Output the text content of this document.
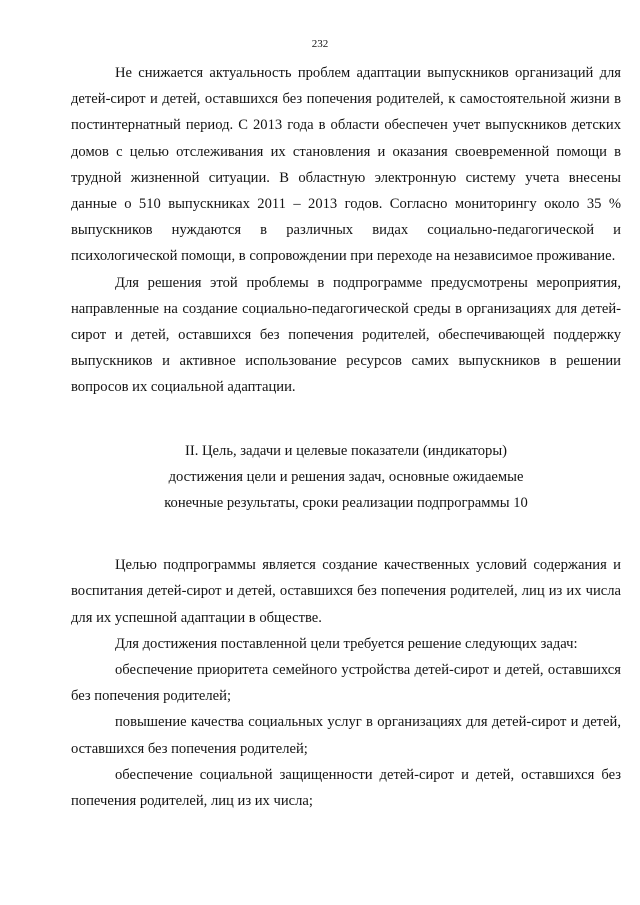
232

Не снижается актуальность проблем адаптации выпускников организаций для детей-сирот и детей, оставшихся без попечения родителей, к самостоятельной жизни в постинтернатный период. С 2013 года в области обеспечен учет выпускников детских домов с целью отслеживания их становления и оказания своевременной помощи в трудной жизненной ситуации. В областную электронную систему учета внесены данные о 510 выпускниках 2011 – 2013 годов. Согласно мониторингу около 35 % выпускников нуждаются в различных видах социально-педагогической и психологической помощи, в сопровождении при переходе на независимое проживание.

Для решения этой проблемы в подпрограмме предусмотрены мероприятия, направленные на создание социально-педагогической среды в организациях для детей-сирот и детей, оставшихся без попечения родителей, обеспечивающей поддержку выпускников и активное использование ресурсов самих выпускников в решении вопросов их социальной адаптации.

II. Цель, задачи и целевые показатели (индикаторы)
достижения цели и решения задач, основные ожидаемые
конечные результаты, сроки реализации подпрограммы 10

Целью подпрограммы является создание качественных условий содержания и воспитания детей-сирот и детей, оставшихся без попечения родителей, лиц из их числа для их успешной адаптации в обществе.

Для достижения поставленной цели требуется решение следующих задач:

обеспечение приоритета семейного устройства детей-сирот и детей, оставшихся без попечения родителей;

повышение качества социальных услуг в организациях для детей-сирот и детей, оставшихся без попечения родителей;

обеспечение социальной защищенности детей-сирот и детей, оставшихся без попечения родителей, лиц из их числа;
